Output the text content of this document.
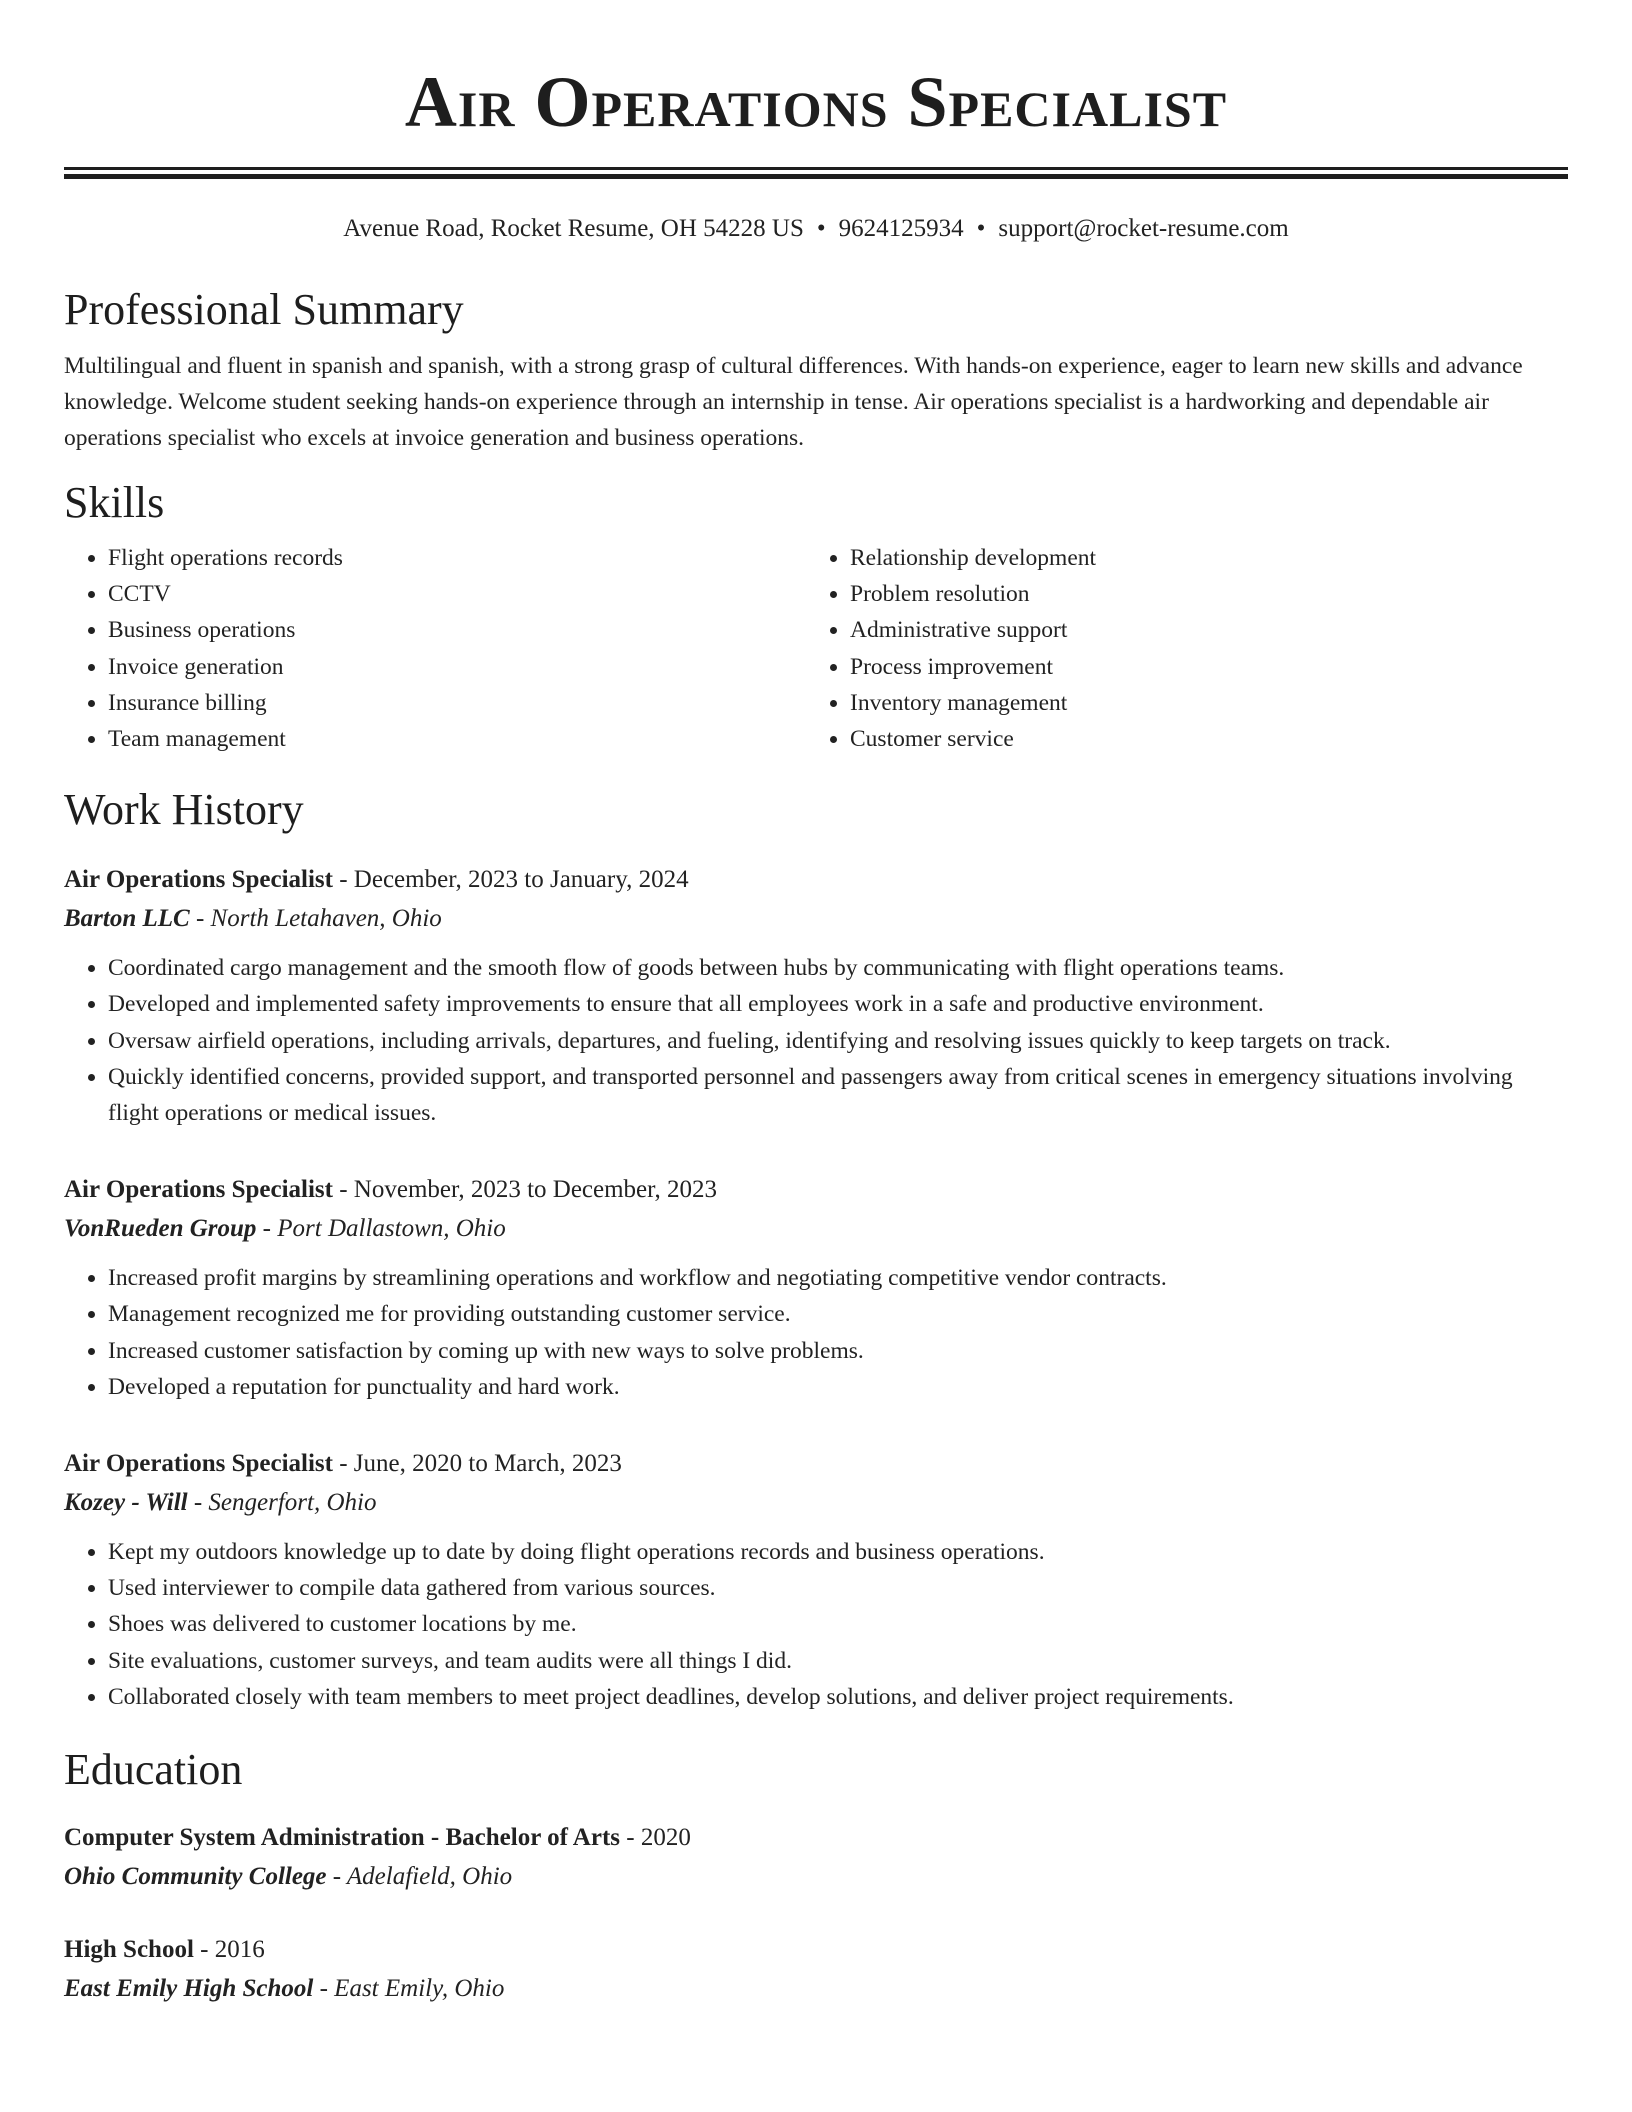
Air Operations Specialist
Avenue Road, Rocket Resume, OH 54228 US • 9624125934 • support@rocket-resume.com
Professional Summary

Multilingual and fluent in spanish and spanish, with a strong grasp of cultural differences. With hands-on experience, eager to learn new skills and advance knowledge. Welcome student seeking hands-on experience through an internship in tense. Air operations specialist is a hardworking and dependable air operations specialist who excels at invoice generation and business operations.

Skills
• Flight operations records
• CCTV
• Business operations
• Invoice generation
• Insurance billing
• Team management
• Relationship development
• Problem resolution
• Administrative support
• Process improvement
• Inventory management
• Customer service
Work History
Air Operations Specialist - December, 2023 to January, 2024
Barton LLC - North Letahaven, Ohio
• Coordinated cargo management and the smooth flow of goods between hubs by communicating with flight operations teams.
• Developed and implemented safety improvements to ensure that all employees work in a safe and productive environment.
• Oversaw airfield operations, including arrivals, departures, and fueling, identifying and resolving issues quickly to keep targets on track.
• Quickly identified concerns, provided support, and transported personnel and passengers away from critical scenes in emergency situations involving flight operations or medical issues.
Air Operations Specialist - November, 2023 to December, 2023
VonRueden Group - Port Dallastown, Ohio
• Increased profit margins by streamlining operations and workflow and negotiating competitive vendor contracts.
• Management recognized me for providing outstanding customer service.
• Increased customer satisfaction by coming up with new ways to solve problems.
• Developed a reputation for punctuality and hard work.
Air Operations Specialist - June, 2020 to March, 2023
Kozey - Will - Sengerfort, Ohio
• Kept my outdoors knowledge up to date by doing flight operations records and business operations.
• Used interviewer to compile data gathered from various sources.
• Shoes was delivered to customer locations by me.
• Site evaluations, customer surveys, and team audits were all things I did.
• Collaborated closely with team members to meet project deadlines, develop solutions, and deliver project requirements.
Education
Computer System Administration - Bachelor of Arts - 2020
Ohio Community College - Adelafield, Ohio
High School - 2016
East Emily High School - East Emily, Ohio
